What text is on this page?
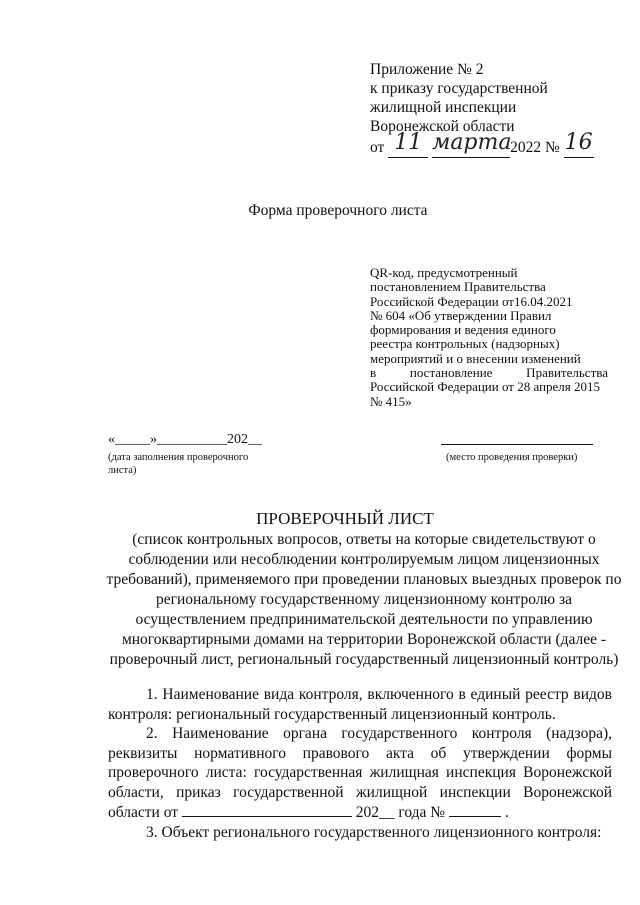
Приложение № 2
к приказу государственной
жилищной инспекции
Воронежской области
от 11 марта2022 № 16
Форма проверочного листа
QR-код, предусмотренный
постановлением Правительства
Российской Федерации от16.04.2021
№ 604 «Об утверждении Правил
формирования и ведения единого
реестра контрольных (надзорных)
мероприятий и о внесении изменений
в постановление Правительства
Российской Федерации от 28 апреля 2015
№ 415»
«_____»__________202__
(дата заполнения проверочного листа)
(место проведения проверки)
ПРОВЕРОЧНЫЙ ЛИСТ
(список контрольных вопросов, ответы на которые свидетельствуют о соблюдении или несоблюдении контролируемым лицом лицензионных требований), применяемого при проведении плановых выездных проверок по региональному государственному лицензионному контролю за осуществлением предпринимательской деятельности по управлению многоквартирными домами на территории Воронежской области (далее - проверочный лист, региональный государственный лицензионный контроль)

1. Наименование вида контроля, включенного в единый реестр видов контроля: региональный государственный лицензионный контроль.

2. Наименование органа государственного контроля (надзора), реквизиты нормативного правового акта об утверждении формы проверочного листа: государственная жилищная инспекция Воронежской области, приказ государственной жилищной инспекции Воронежской области от	202__ года №	.

3. Объект регионального государственного лицензионного контроля:
